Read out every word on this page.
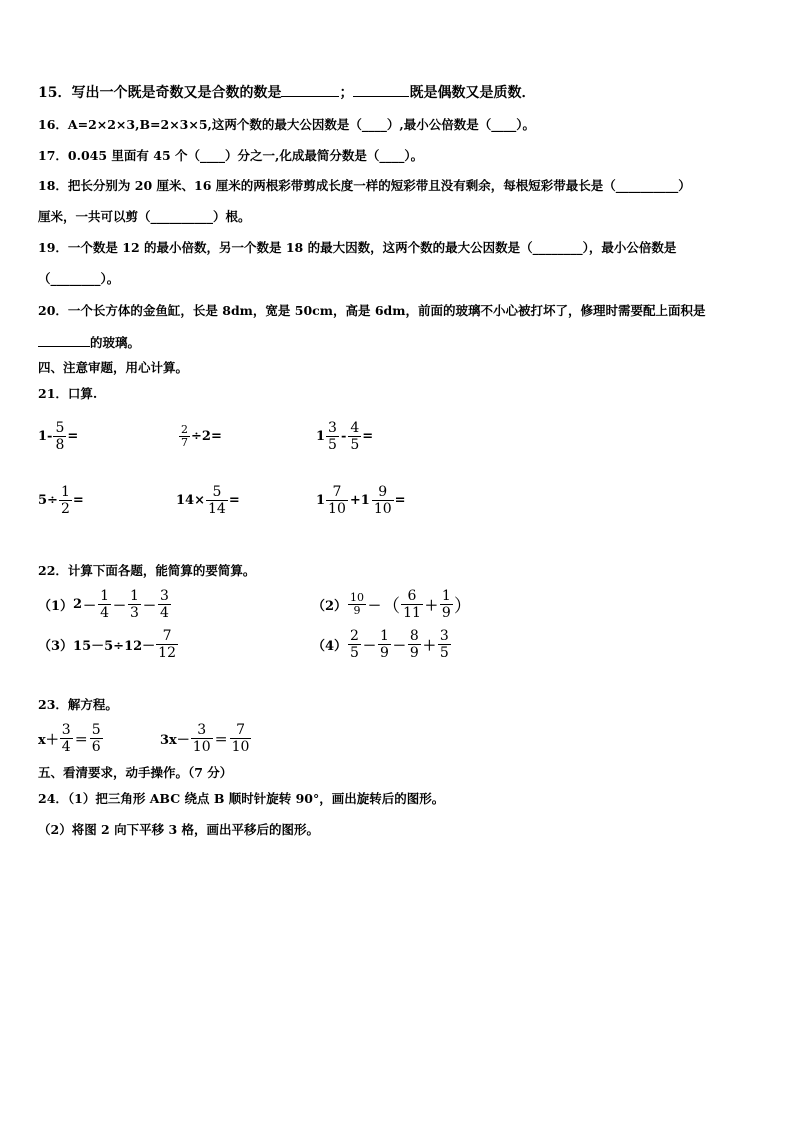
15．写出一个既是奇数又是合数的数是	；	既是偶数又是质数．
16．A=2×2×3,B=2×3×5,这两个数的最大公因数是（____）,最小公倍数是（____）。
17．0.045 里面有 45 个（____）分之一,化成最简分数是（____）。
18．把长分别为 20 厘米、16 厘米的两根彩带剪成长度一样的短彩带且没有剩余，每根短彩带最长是（__________）
厘米，一共可以剪（__________）根。
19．一个数是 12 的最小倍数，另一个数是 18 的最大因数，这两个数的最大公因数是（________），最小公倍数是
（________）。
20．一个长方体的金鱼缸，长是 8dm，宽是 50cm，高是 6dm，前面的玻璃不小心被打坏了，修理时需要配上面积是
的玻璃。
四、注意审题，用心计算。
21．口算.
$1- \frac{5}{8}$ =	$\frac{2}{7} \div 2=$	$1 \frac{3}{5} - \frac{4}{5}$ =
$5\div \frac{1}{2}$ =	$14\times \frac{5}{14}$ =	$1 \frac{7}{10} +1 \frac{9}{10}$ =
22．计算下面各题，能简算的要简算。
（1） $2 - \frac{1}{4} - \frac{1}{3} - \frac{3}{4}$	$(2) \frac{10}{9}$ － （ $\frac{6}{11} + \frac{1}{9}$ ）
（3） $15-5\div 12- \frac{7}{12}$	$(4) \frac{2}{5} - \frac{1}{9} - \frac{8}{9} + \frac{3}{5}$
23．解方程。
$x+ \frac{3}{4} = \frac{5}{6}$	$3x- \frac{3}{10} = \frac{7}{10}$
五、看清要求，动手操作。（7 分）
24．（1）把三角形 ABC 绕点 B 顺时针旋转 90°，画出旋转后的图形。
（2）将图 2 向下平移 3 格，画出平移后的图形。
